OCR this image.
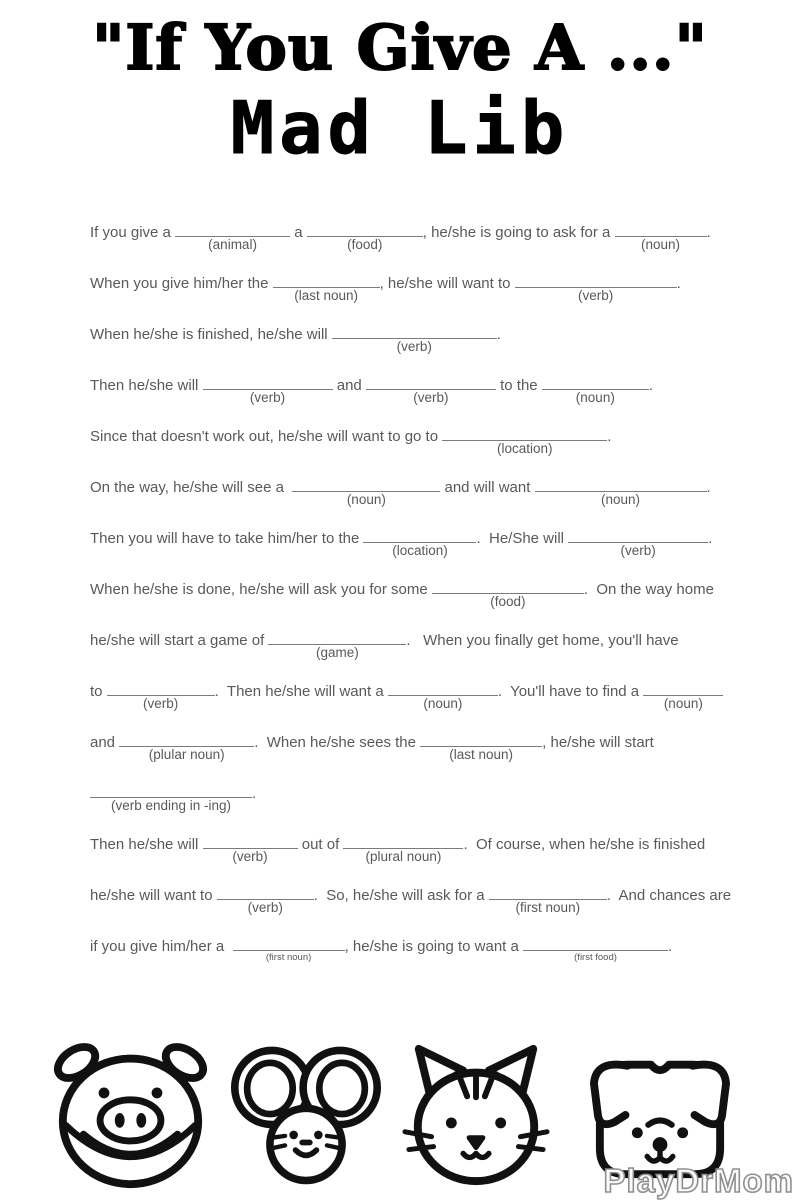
"If You Give A ..."
Mad Lib
If you give a
(animal)
a
(food)
, he/she is going to ask for a
(noun)
.
When you give him/her the
(last noun)
, he/she will want to
(verb)
.
When he/she is finished, he/she will
(verb)
.
Then he/she will
(verb)
and
(verb)
to the
(noun)
.
Since that doesn't work out, he/she will want to go to
(location)
.
On the way, he/she will see a
(noun)
and will want
(noun)
.
Then you will have to take him/her to the
(location)
.  He/She will
(verb)
.
When he/she is done, he/she will ask you for some
(food)
.  On the way home
he/she will start a game of
(game)
.   When you finally get home, you'll have
to
(verb)
.  Then he/she will want a
(noun)
.  You'll have to find a
(noun)
and
(plular noun)
.  When he/she sees the
(last noun)
, he/she will start
(verb ending in -ing)
.
Then he/she will
(verb)
out of
(plural noun)
.  Of course, when he/she is finished
he/she will want to
(verb)
.  So, he/she will ask for a
(first noun)
.  And chances are
if you give him/her a
(first noun)
, he/she is going to want a
(first food)
.
PlayDrMom
